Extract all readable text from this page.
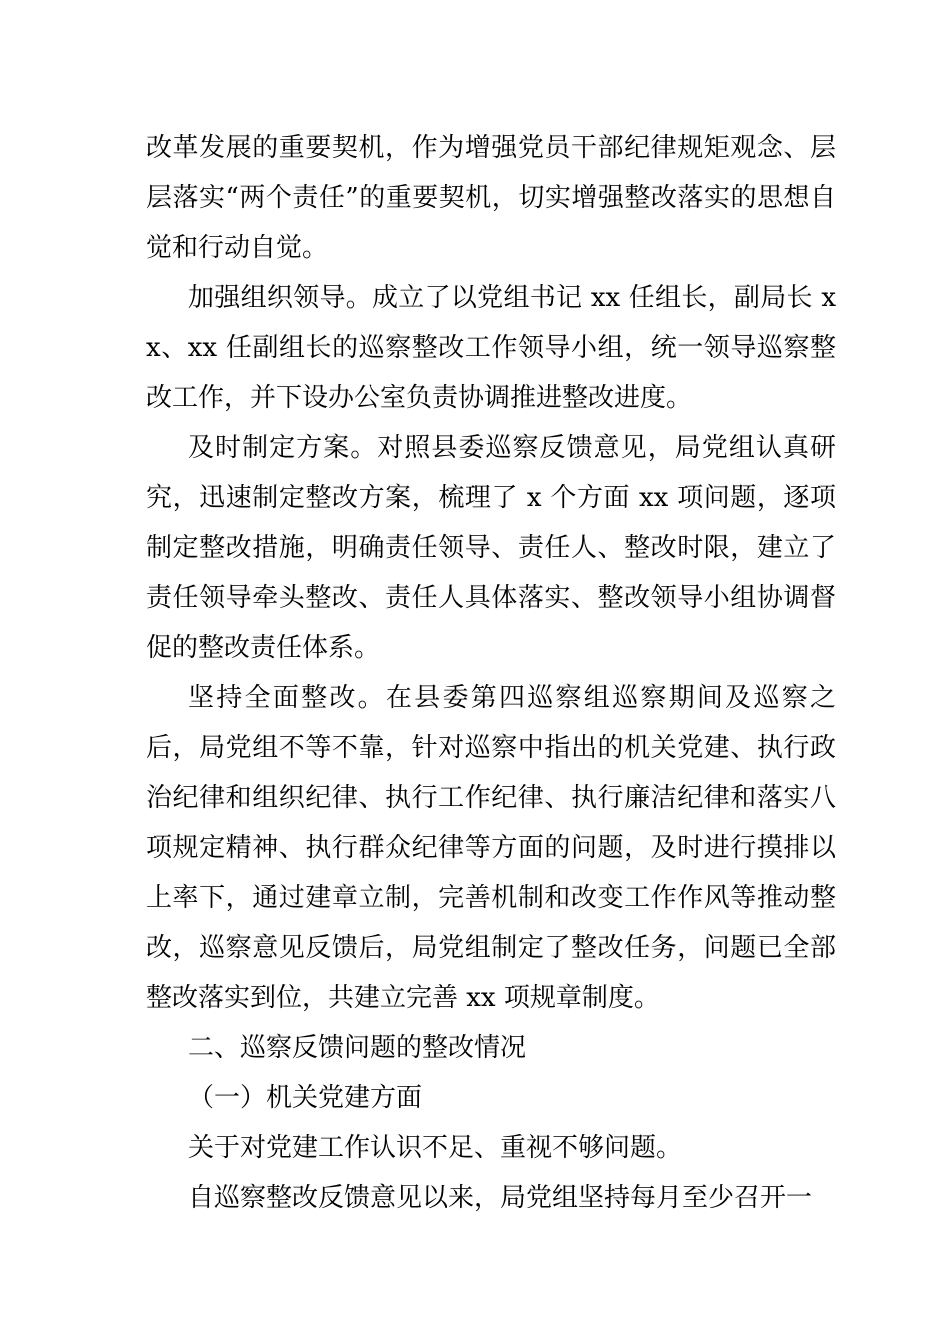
改革发展的重要契机，作为增强党员干部纪律规矩观念、层层落实“两个责任”的重要契机，切实增强整改落实的思想自觉和行动自觉。

加强组织领导。成立了以党组书记 xx 任组长，副局长 xx、xx 任副组长的巡察整改工作领导小组，统一领导巡察整改工作，并下设办公室负责协调推进整改进度。

及时制定方案。对照县委巡察反馈意见，局党组认真研究，迅速制定整改方案，梳理了 x 个方面 xx 项问题，逐项制定整改措施，明确责任领导、责任人、整改时限，建立了责任领导牵头整改、责任人具体落实、整改领导小组协调督促的整改责任体系。

坚持全面整改。在县委第四巡察组巡察期间及巡察之后，局党组不等不靠，针对巡察中指出的机关党建、执行政治纪律和组织纪律、执行工作纪律、执行廉洁纪律和落实八项规定精神、执行群众纪律等方面的问题，及时进行摸排以上率下，通过建章立制，完善机制和改变工作作风等推动整改，巡察意见反馈后，局党组制定了整改任务，问题已全部整改落实到位，共建立完善 xx 项规章制度。

二、巡察反馈问题的整改情况

（一）机关党建方面

关于对党建工作认识不足、重视不够问题。

自巡察整改反馈意见以来，局党组坚持每月至少召开一
